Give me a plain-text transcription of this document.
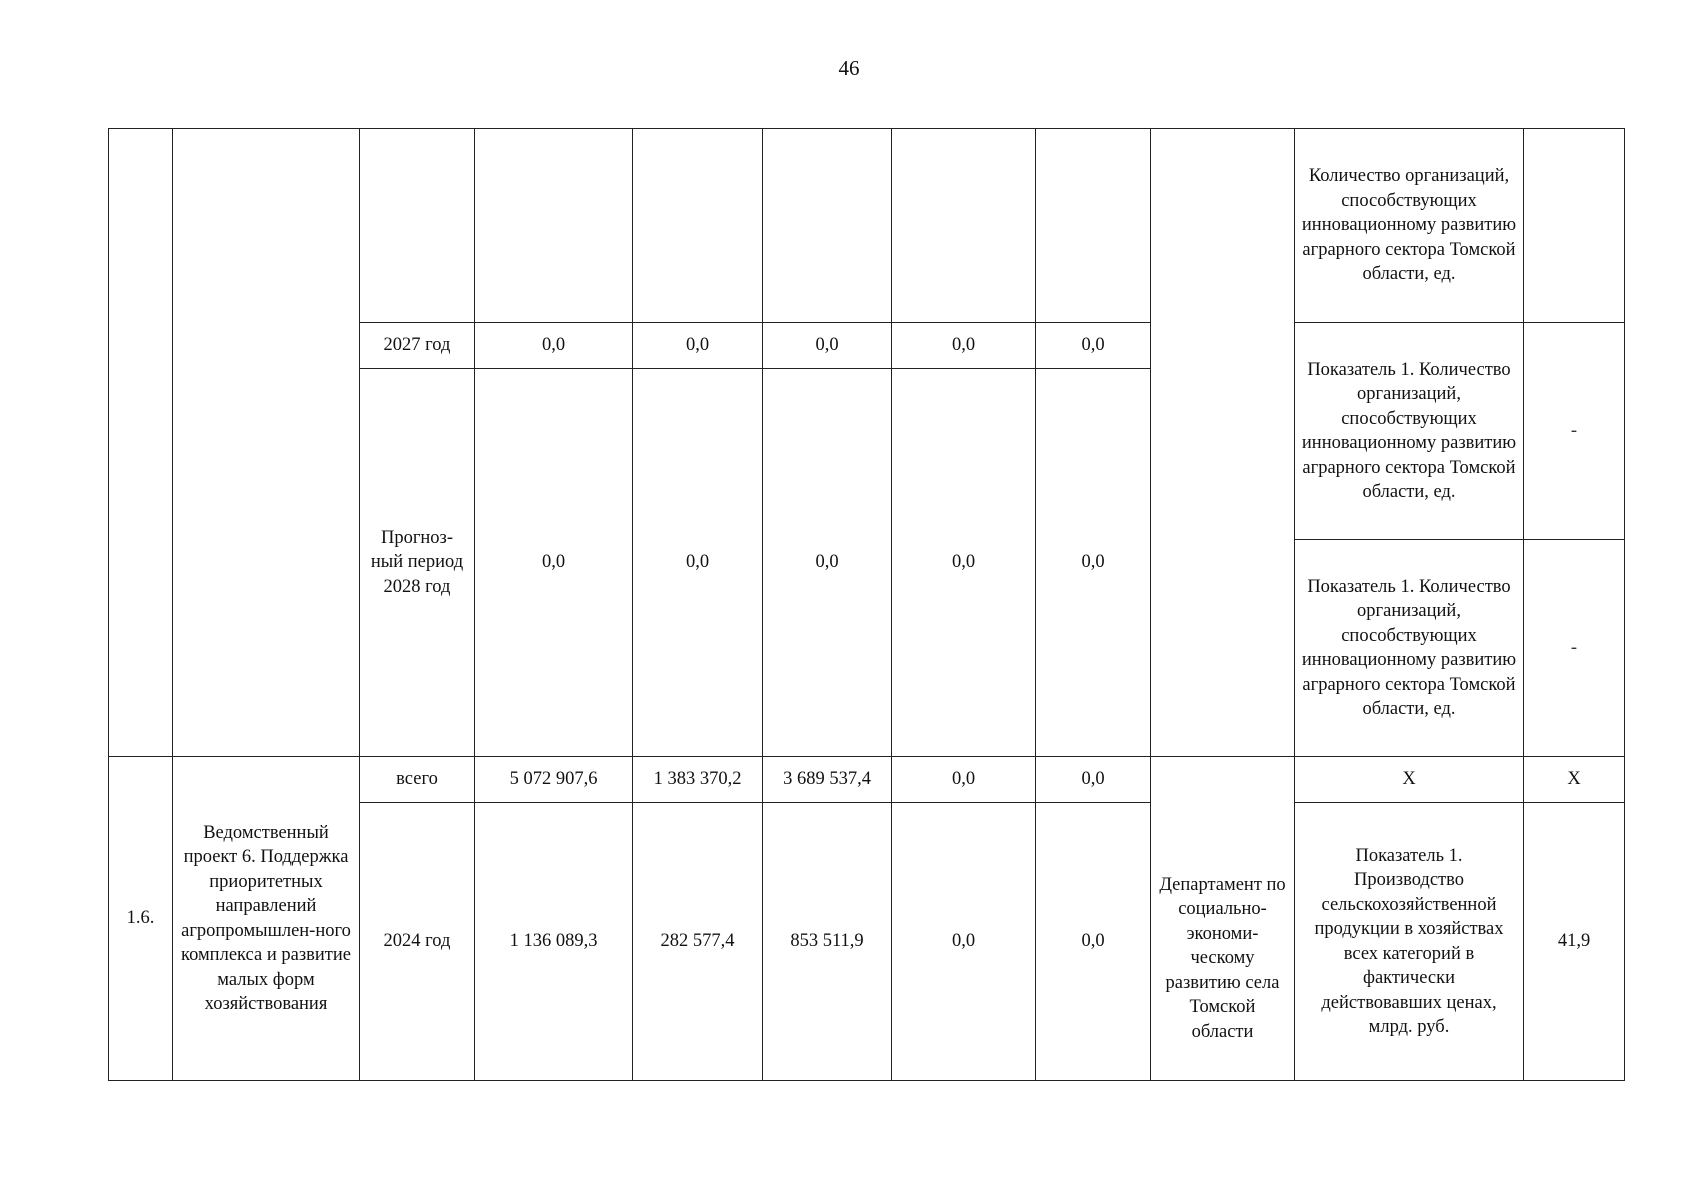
46
									Количество организаций, способствующих инновационному развитию аграрного сектора Томской области, ед.	
		2027 год	0,0	0,0	0,0	0,0	0,0		Показатель 1. Количество организаций, способствующих инновационному развитию аграрного сектора Томской области, ед.	-
		Прогноз-ный период 2028 год	0,0	0,0	0,0	0,0	0,0			
									Показатель 1. Количество организаций, способствующих инновационному развитию аграрного сектора Томской области, ед.	-
1.6.	Ведомственный проект 6. Поддержка приоритетных направлений агропромышлен-ного комплекса и развитие малых форм хозяйствования	всего	5 072 907,6	1 383 370,2	3 689 537,4	0,0	0,0	Департамент по социально-экономи-ческому развитию села Томской области	X	X
		2024 год	1 136 089,3	282 577,4	853 511,9	0,0	0,0		Показатель 1. Производство сельскохозяйственной продукции в хозяйствах всех категорий в фактически действовавших ценах, млрд. руб.	41,9
